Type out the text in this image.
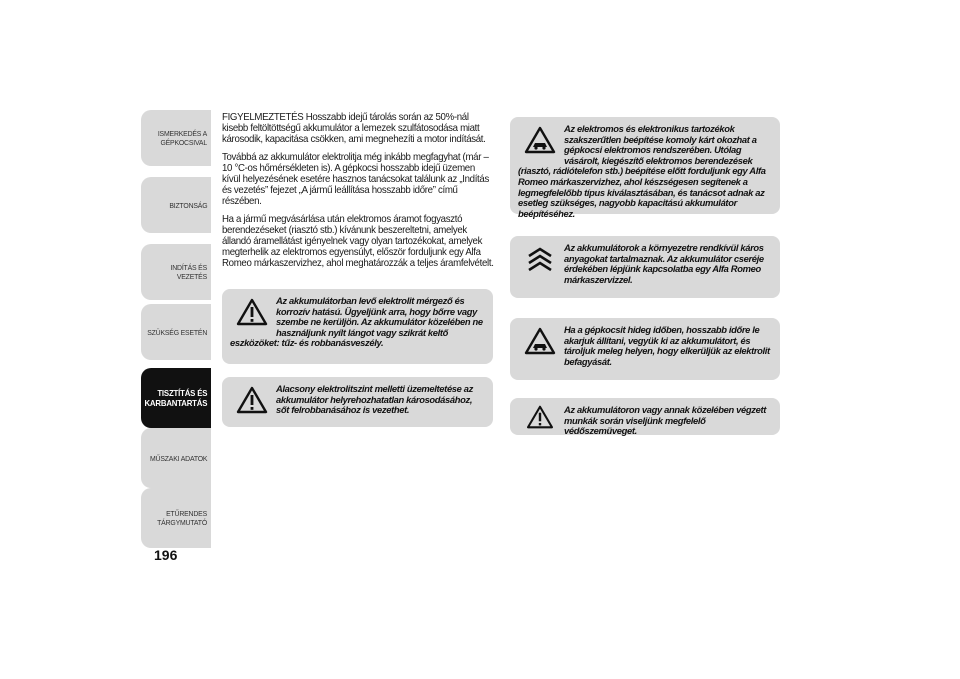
ISMERKEDÉS A GÉPKOCSIVAL
BIZTONSÁG
INDÍTÁS ÉS VEZETÉS
SZÜKSÉG ESETÉN
TISZTÍTÁS ÉS KARBANTARTÁS
MŰSZAKI ADATOK
ETŰRENDES TÁRGYMUTATÓ
196

FIGYELMEZTETÉS Hosszabb idejű tárolás során az 50%-nál kisebb feltöltöttségű akkumulátor a lemezek szulfátosodása miatt károsodik, kapacitása csökken, ami megnehezíti a motor indítását.

Továbbá az akkumulátor elektrolitja még inkább megfagyhat (már –10 °C-os hőmérsékleten is). A gépkocsi hosszabb idejű üzemen kívül helyezésének esetére hasznos tanácsokat találunk az „Indítás és vezetés” fejezet „A jármű leállítása hosszabb időre” című részében.

Ha a jármű megvásárlása után elektromos áramot fogyasztó berendezéseket (riasztó stb.) kívánunk beszereltetni, amelyek állandó áramellátást igényelnek vagy olyan tartozékokat, amelyek megterhelik az elektromos egyensúlyt, először forduljunk egy Alfa Romeo márkaszervizhez, ahol meghatározzák a teljes áramfelvételt.

Az akkumulátorban levő elektrolit mérgező és korrozív hatású. Ügyeljünk arra, hogy bőrre vagy szembe ne kerüljön. Az akkumulátor közelében ne használjunk nyílt lángot vagy szikrát keltő eszközöket: tűz- és robbanásveszély.

Alacsony elektrolitszint melletti üzemeltetése az akkumulátor helyrehozhatatlan károsodásához, sőt felrobbanásához is vezethet.

Az elektromos és elektronikus tartozékok szakszerűtlen beépítése komoly kárt okozhat a gépkocsi elektromos rendszerében. Utólag vásárolt, kiegészítő elektromos berendezések (riasztó, rádiótelefon stb.) beépítése előtt forduljunk egy Alfa Romeo márkaszervizhez, ahol készségesen segítenek a legmegfelelőbb típus kiválasztásában, és tanácsot adnak az esetleg szükséges, nagyobb kapacitású akkumulátor beépítéséhez.

Az akkumulátorok a környezetre rendkívül káros anyagokat tartalmaznak. Az akkumulátor cseréje érdekében lépjünk kapcsolatba egy Alfa Romeo márkaszervizzel.

Ha a gépkocsit hideg időben, hosszabb időre le akarjuk állítani, vegyük ki az akkumulátort, és tároljuk meleg helyen, hogy elkerüljük az elektrolit befagyását.

Az akkumulátoron vagy annak közelében végzett munkák során viseljünk megfelelő védőszemüveget.
